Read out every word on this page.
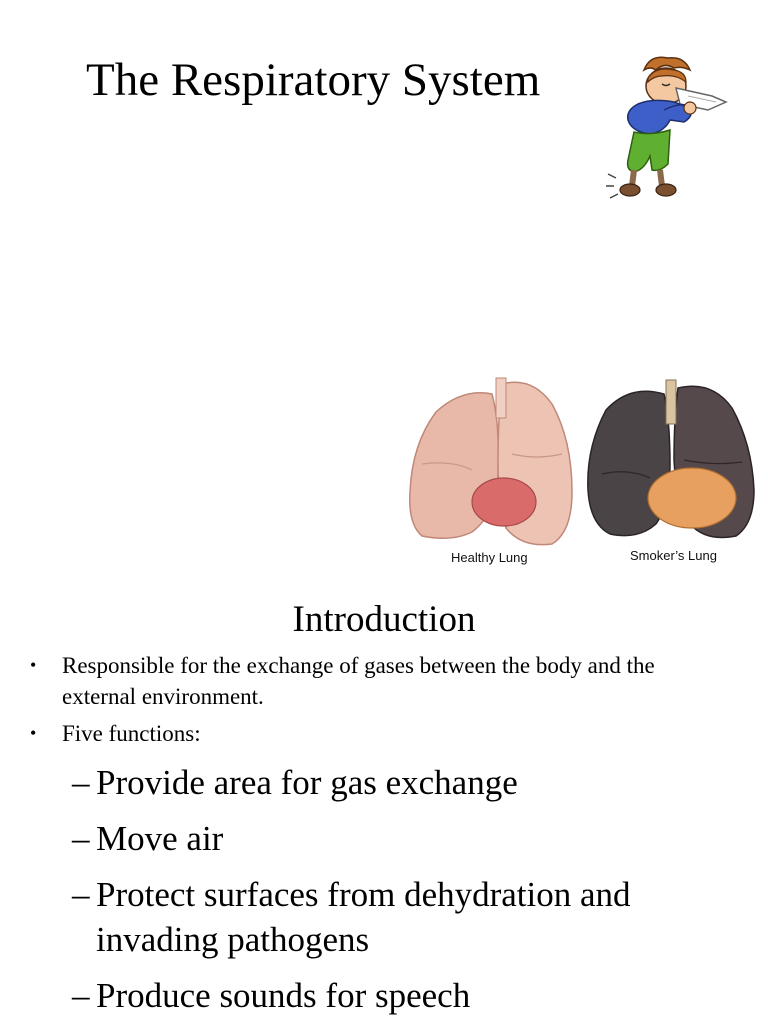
The Respiratory System
Healthy Lung	Smoker’s Lung
Introduction
• Responsible for the exchange of gases between the body and the external environment.
• Five functions:
– Provide area for gas exchange
– Move air
– Protect surfaces from dehydration and invading pathogens
– Produce sounds for speech
